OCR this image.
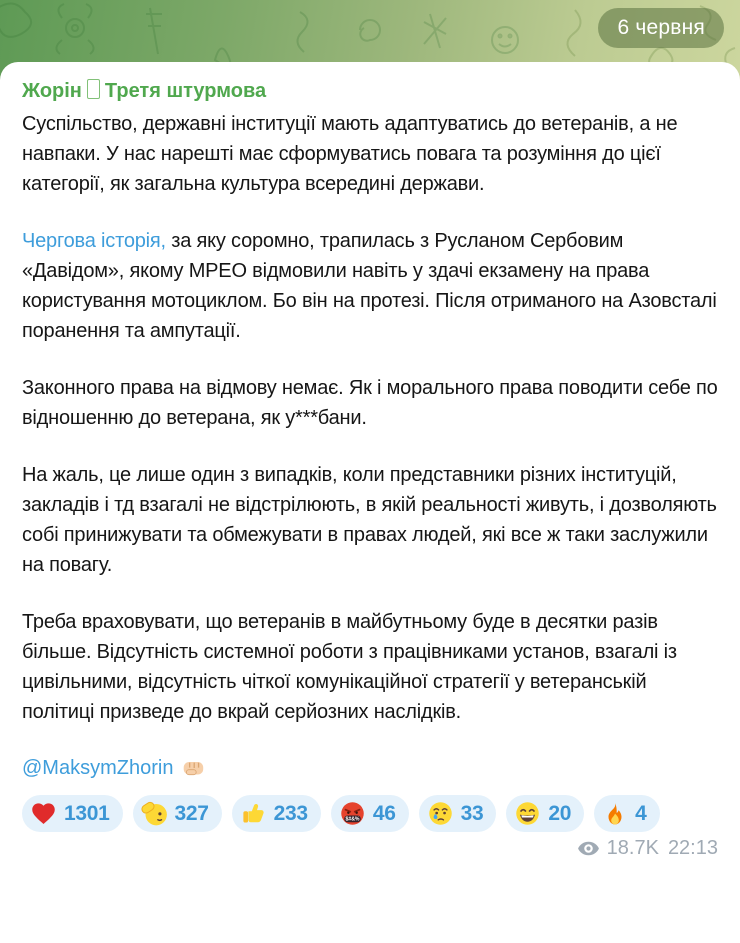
6 червня
Жорін Третя штурмова

Суспільство, державні інституції мають адаптуватись до ветеранів, а не навпаки. У нас нарешті має сформуватись повага та розуміння до цієї категорії, як загальна культура всередині держави.

Чергова історія, за яку соромно, трапилась з Русланом Сербовим «Давідом», якому МРЕО відмовили навіть у здачі екзамену на права користування мотоциклом. Бо він на протезі. Після отриманого на Азовсталі поранення та ампутації.

Законного права на відмову немає. Як і морального права поводити себе по відношенню до ветерана, як у***бани.

На жаль, це лише один з випадків, коли представники різних інституцій, закладів і тд взагалі не відстрілюють, в якій реальності живуть, і дозволяють собі принижувати та обмежувати в правах людей, які все ж таки заслужили на повагу.

Треба враховувати, що ветеранів в майбутньому буде в десятки разів більше. Відсутність системної роботи з працівниками установ, взагалі із цивільними, відсутність чіткої комунікаційної стратегії у ветеранській політиці призведе до вкрай серйозних наслідків.

@MaksymZhorin
1301	327	233	$#&% 46	33	20	4
18.7K 22:13
